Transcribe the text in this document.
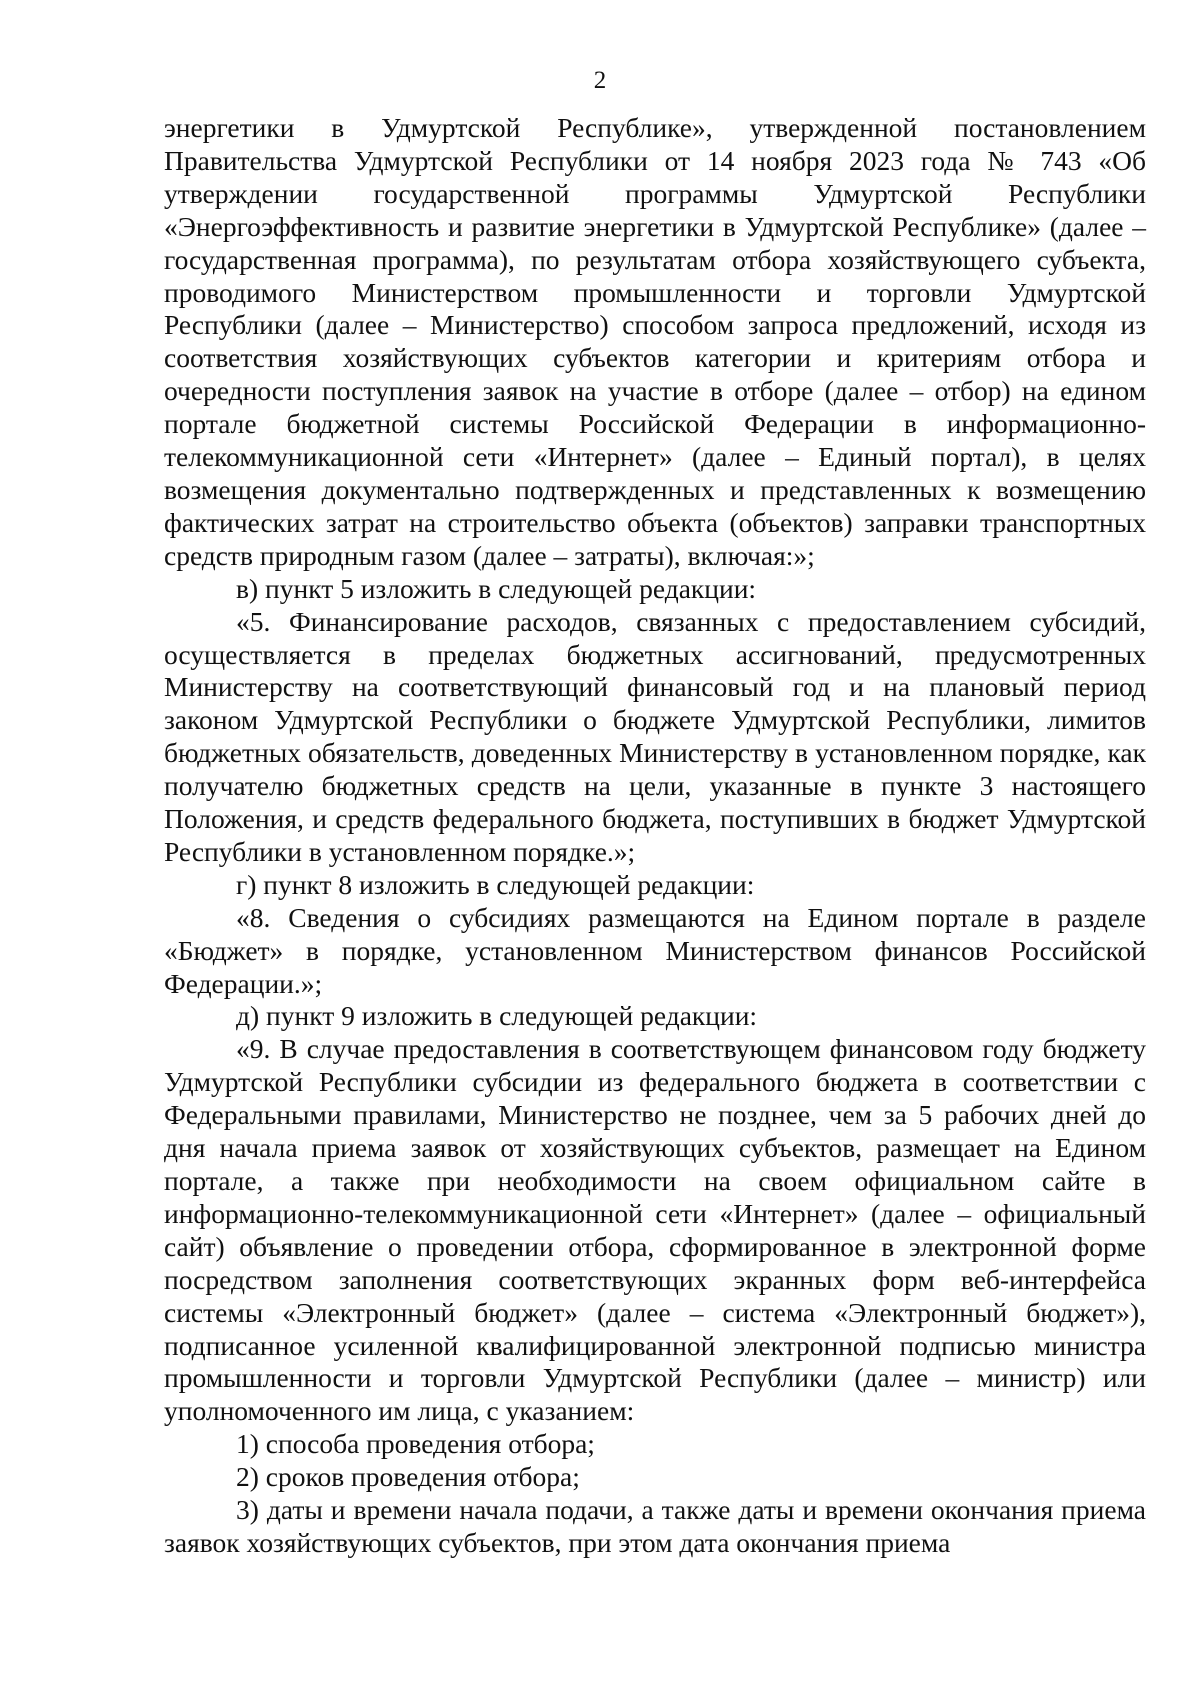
2

энергетики в Удмуртской Республике», утвержденной постановлением Правительства Удмуртской Республики от 14 ноября 2023 года № 743 «Об утверждении государственной программы Удмуртской Республики «Энергоэффективность и развитие энергетики в Удмуртской Республике» (далее – государственная программа), по результатам отбора хозяйствующего субъекта, проводимого Министерством промышленности и торговли Удмуртской Республики (далее – Министерство) способом запроса предложений, исходя из соответствия хозяйствующих субъектов категории и критериям отбора и очередности поступления заявок на участие в отборе (далее – отбор) на едином портале бюджетной системы Российской Федерации в информационно-телекоммуникационной сети «Интернет» (далее – Единый портал), в целях возмещения документально подтвержденных и представленных к возмещению фактических затрат на строительство объекта (объектов) заправки транспортных средств природным газом (далее – затраты), включая:»;

в) пункт 5 изложить в следующей редакции:

«5. Финансирование расходов, связанных с предоставлением субсидий, осуществляется в пределах бюджетных ассигнований, предусмотренных Министерству на соответствующий финансовый год и на плановый период законом Удмуртской Республики о бюджете Удмуртской Республики, лимитов бюджетных обязательств, доведенных Министерству в установленном порядке, как получателю бюджетных средств на цели, указанные в пункте 3 настоящего Положения, и средств федерального бюджета, поступивших в бюджет Удмуртской Республики в установленном порядке.»;

г) пункт 8 изложить в следующей редакции:

«8. Сведения о субсидиях размещаются на Едином портале в разделе «Бюджет» в порядке, установленном Министерством финансов Российской Федерации.»;

д) пункт 9 изложить в следующей редакции:

«9. В случае предоставления в соответствующем финансовом году бюджету Удмуртской Республики субсидии из федерального бюджета в соответствии с Федеральными правилами, Министерство не позднее, чем за 5 рабочих дней до дня начала приема заявок от хозяйствующих субъектов, размещает на Едином портале, а также при необходимости на своем официальном сайте в информационно-телекоммуникационной сети «Интернет» (далее – официальный сайт) объявление о проведении отбора, сформированное в электронной форме посредством заполнения соответствующих экранных форм веб-интерфейса системы «Электронный бюджет» (далее – система «Электронный бюджет»), подписанное усиленной квалифицированной электронной подписью министра промышленности и торговли Удмуртской Республики (далее – министр) или уполномоченного им лица, с указанием:

1) способа проведения отбора;

2) сроков проведения отбора;

3) даты и времени начала подачи, а также даты и времени окончания приема заявок хозяйствующих субъектов, при этом дата окончания приема
